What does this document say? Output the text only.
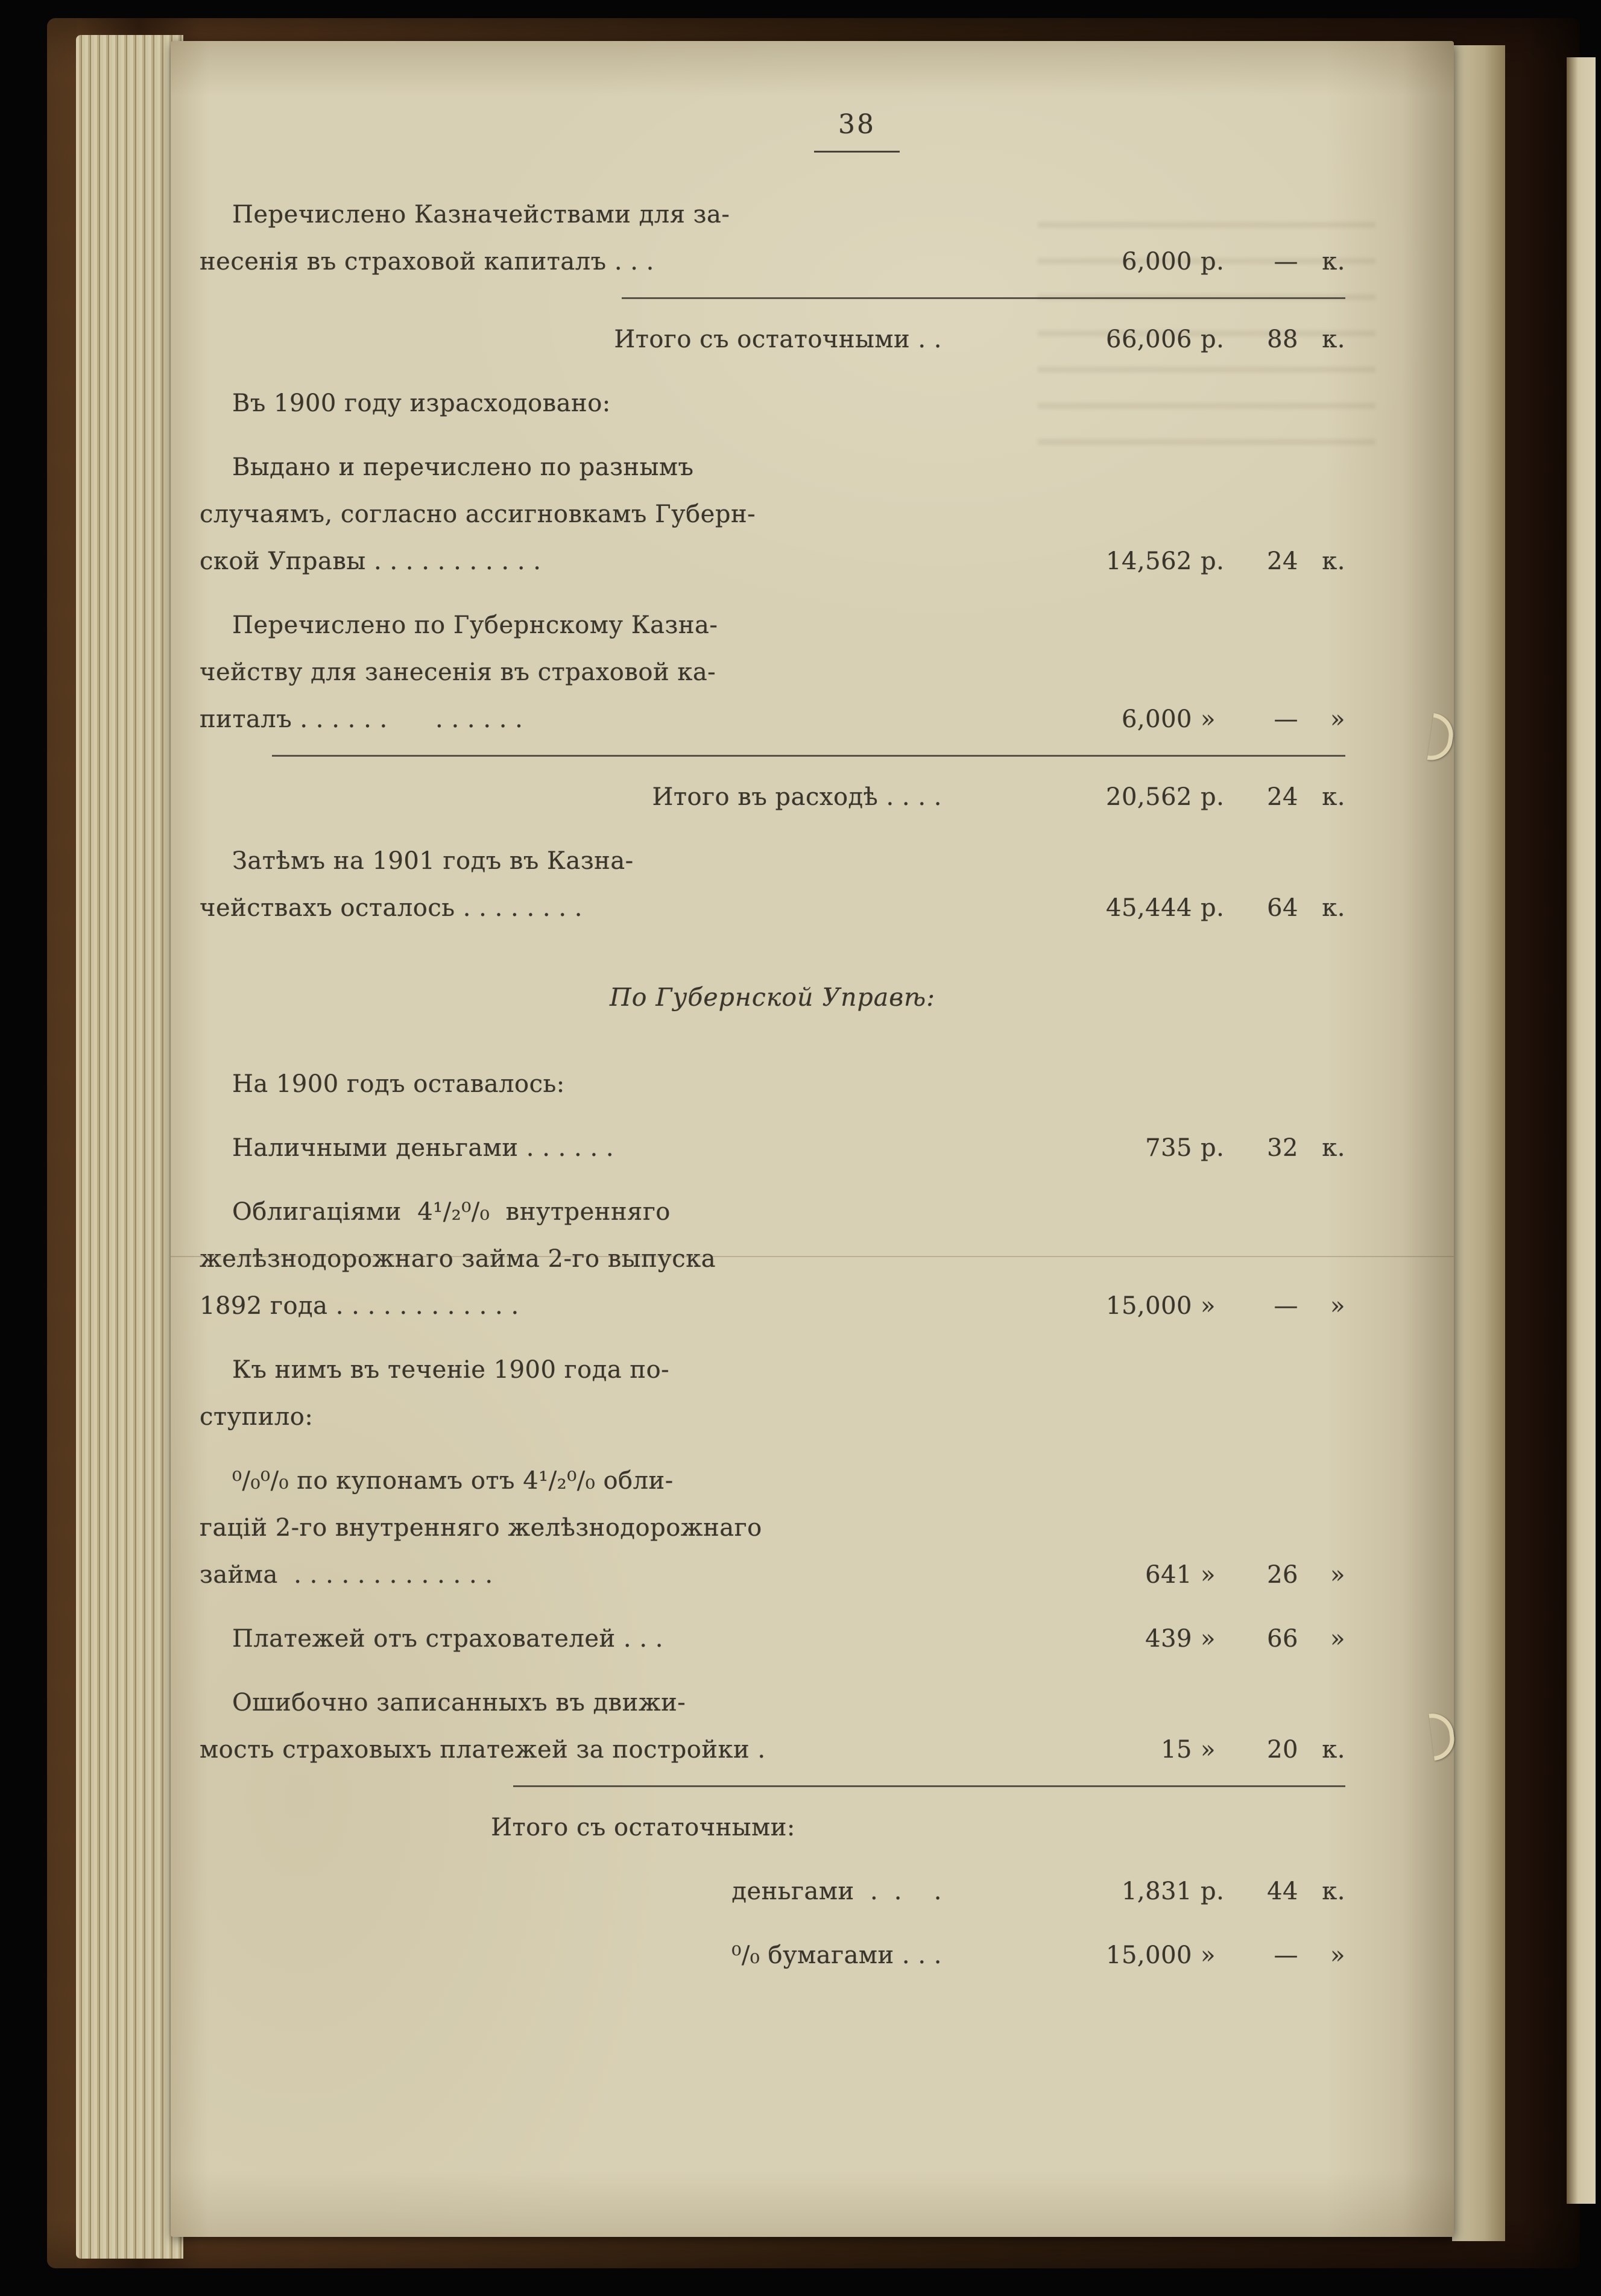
38
Перечислено Казначействами для за-
несенія въ страховой капиталъ . . .	6,000 р.	— к.
Итого съ остаточными . .	66,006 р.	88 к.
Въ 1900 году израсходовано:
Выдано и перечислено по разнымъ
случаямъ, согласно ассигновкамъ Губерн-
ской Управы . . . . . . . . . . .	14,562 р.	24 к.
Перечислено по Губернскому Казна-
чейству для занесенія въ страховой ка-
питалъ . . . . . .      . . . . . .	6,000 »	—	»
Итого въ расходѣ . . . .	20,562 р.	24 к.
Затѣмъ на 1901 годъ въ Казна-
чействахъ осталось . . . . . . . .	45,444 р.	64 к.
По Губернской Управѣ:
На 1900 годъ оставалось:
Наличными деньгами . . . . . .	735 р.	32 к.
Облигаціями  4¹/₂⁰/₀  внутренняго
желѣзнодорожнаго займа 2-го выпуска
1892 года . . . . . . . . . . . .	15,000 »	—	»
Къ нимъ въ теченіе 1900 года по-
ступило:
⁰/₀⁰/₀ по купонамъ отъ 4¹/₂⁰/₀ обли-
гацій 2-го внутренняго желѣзнодорожнаго
займа  . . . . . . . . . . . . .	641 »	26	»
Платежей отъ страхователей . . .	439 »	66	»
Ошибочно записанныхъ въ движи-
мость страховыхъ платежей за постройки .	15 »	20 к.
Итого съ остаточными:
деньгами  .  .    .	1,831 р.	44 к.
⁰/₀ бумагами . . .	15,000 »	—	»
